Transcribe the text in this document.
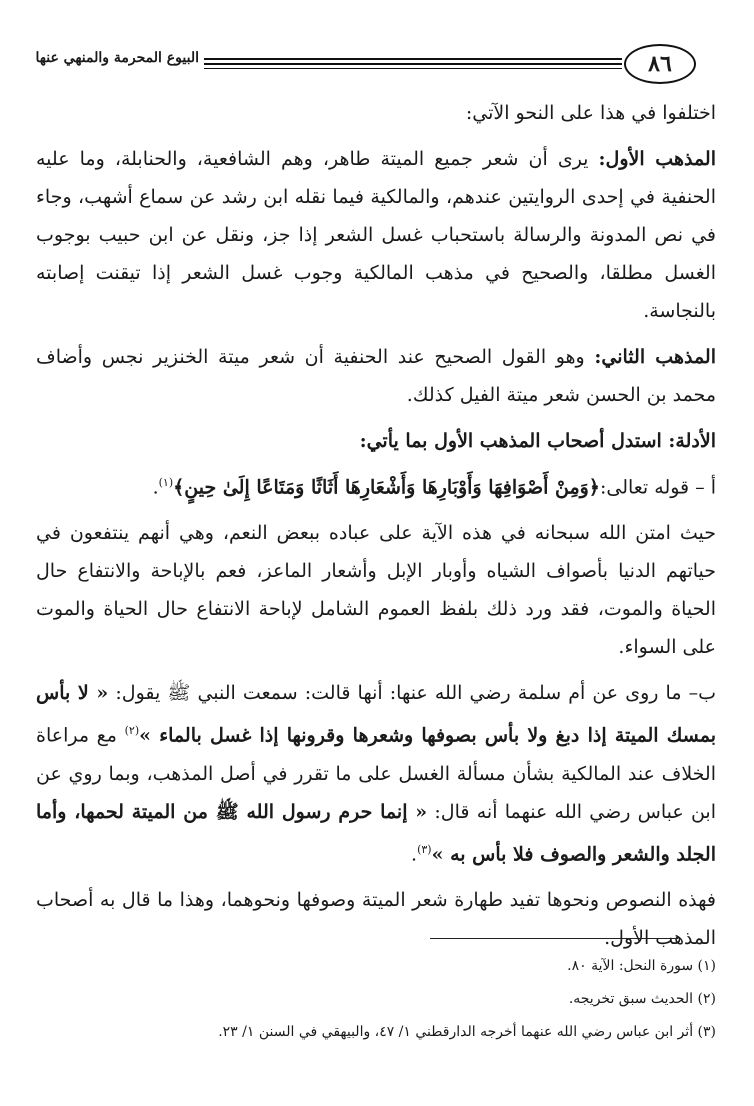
٨٦
البيوع المحرمة والمنهي عنها

اختلفوا في هذا على النحو الآتي:

المذهب الأول: يرى أن شعر جميع الميتة طاهر، وهم الشافعية، والحنابلة، وما عليه الحنفية في إحدى الروايتين عندهم، والمالكية فيما نقله ابن رشد عن سماع أشهب، وجاء في نص المدونة والرسالة باستحباب غسل الشعر إذا جز، ونقل عن ابن حبيب بوجوب الغسل مطلقا، والصحيح في مذهب المالكية وجوب غسل الشعر إذا تيقنت إصابته بالنجاسة.

المذهب الثاني: وهو القول الصحيح عند الحنفية أن شعر ميتة الخنزير نجس وأضاف محمد بن الحسن شعر ميتة الفيل كذلك.

الأدلة: استدل أصحاب المذهب الأول بما يأتي:

أ – قوله تعالى:﴿وَمِنْ أَصْوَافِهَا وَأَوْبَارِهَا وَأَشْعَارِهَا أَثَاثًا وَمَتَاعًا إِلَىٰ حِينٍ﴾$^{(١)}$.

حيث امتن الله سبحانه في هذه الآية على عباده ببعض النعم، وهي أنهم ينتفعون في حياتهم الدنيا بأصواف الشياه وأوبار الإبل وأشعار الماعز، فعم بالإباحة والانتفاع حال الحياة والموت، فقد ورد ذلك بلفظ العموم الشامل لإباحة الانتفاع حال الحياة والموت على السواء.

ب– ما روى عن أم سلمة رضي الله عنها: أنها قالت: سمعت النبي ﷺ يقول: « لا بأس بمسك الميتة إذا دبغ ولا بأس بصوفها وشعرها وقرونها إذا غسل بالماء »$^{(٢)}$ مع مراعاة الخلاف عند المالكية بشأن مسألة الغسل على ما تقرر في أصل المذهب، وبما روي عن ابن عباس رضي الله عنهما أنه قال: « إنما حرم رسول الله ﷺ من الميتة لحمها، وأما الجلد والشعر والصوف فلا بأس به »$^{(٣)}$.

فهذه النصوص ونحوها تفيد طهارة شعر الميتة وصوفها ونحوهما، وهذا ما قال به أصحاب المذهب الأول.

(١) سورة النحل: الآية ٨٠.

(٢) الحديث سبق تخريجه.

(٣) أثر ابن عباس رضي الله عنهما أخرجه الدارقطني ١/ ٤٧، والبيهقي في السنن ١/ ٢٣.
